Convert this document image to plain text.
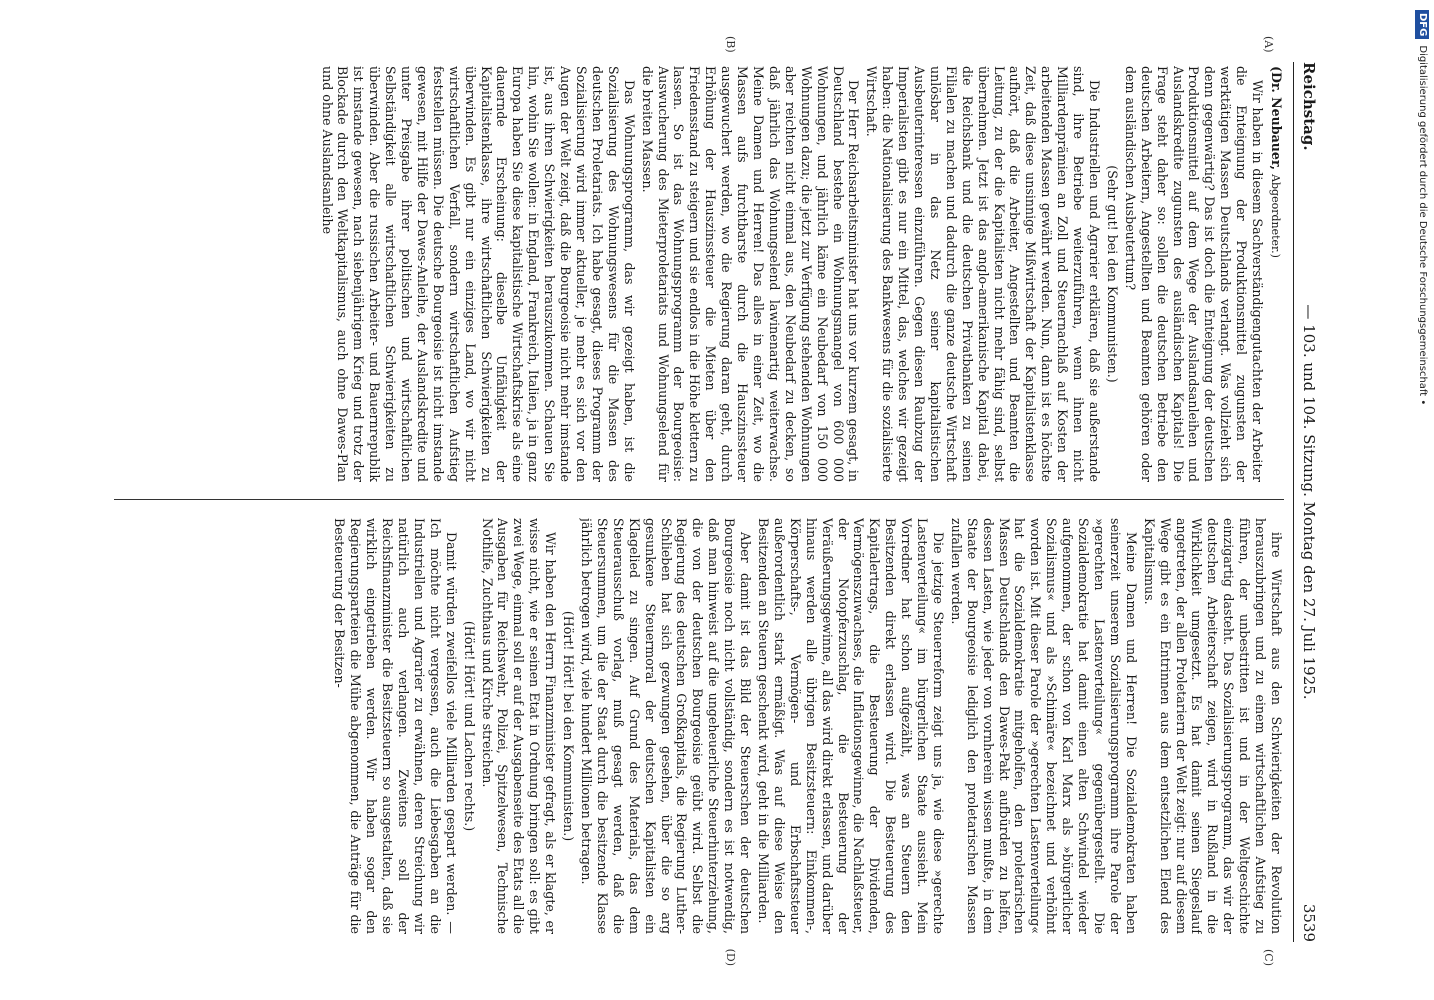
Reichstag.
— 103. und 104. Sitzung. Montag den 27. Juli 1925.
3539
(A)
(B)
(C)
(D)

(Dr. Neubauer, Abgeordneter.)

Wir haben in diesem Sachverständigengutachten der Arbeiter die Enteignung der Produktionsmittel zugunsten der werktätigen Massen Deutschlands verlangt. Was vollzieht sich denn gegenwärtig? Das ist doch die Enteignung der deutschen Produktionsmittel auf dem Wege der Auslandsanleihen und Auslandskredite zugunsten des ausländischen Kapitals! Die Frage steht daher so: sollen die deutschen Betriebe den deutschen Arbeitern, Angestellten und Beamten gehören oder dem ausländischen Ausbeutertum?

(Sehr gut! bei den Kommunisten.)

Die Industriellen und Agrarier erklären, daß sie außerstande sind, ihre Betriebe weiterzuführen, wenn ihnen nicht Milliardenprämien an Zoll und Steuernachlaß auf Kosten der arbeitenden Massen gewährt werden. Nun, dann ist es höchste Zeit, daß diese unsinnige Mißwirtschaft der Kapitalistenklasse aufhört, daß die Arbeiter, Angestellten und Beamten die Leitung, zu der die Kapitalisten nicht mehr fähig sind, selbst übernehmen. Jetzt ist das anglo-amerikanische Kapital dabei, die Reichsbank und die deutschen Privatbanken zu seinen Filialen zu machen und dadurch die ganze deutsche Wirtschaft unlösbar in das Netz seiner kapitalistischen Ausbeuterinteressen einzuführen. Gegen diesen Raubzug der Imperialisten gibt es nur ein Mittel, das, welches wir gezeigt haben: die Nationalisierung des Bankwesens für die sozialisierte Wirtschaft.

Der Herr Reichsarbeitsminister hat uns vor kurzem gesagt, in Deutschland bestehe ein Wohnungsmangel von 600 000 Wohnungen, und jährlich käme ein Neubedarf von 150 000 Wohnungen dazu; die jetzt zur Verfügung stehenden Wohnungen aber reichten nicht einmal aus, den Neubedarf zu decken, so daß jährlich das Wohnungselend lawinenartig weiterwachse. Meine Damen und Herren! Das alles in einer Zeit, wo die Massen aufs furchtbarste durch die Hauszinssteuer ausgewuchert werden, wo die Regierung daran geht, durch Erhöhung der Hauszinssteuer die Mieten über den Friedensstand zu steigern und sie endlos in die Höhe klettern zu lassen. So ist das Wohnungsprogramm der Bourgeoisie: Auswucherung des Mieterproletariats und Wohnungselend für die breiten Massen.

Das Wohnungsprogramm, das wir gezeigt haben, ist die Sozialisierung des Wohnungswesens für die Massen des deutschen Proletariats. Ich habe gesagt, dieses Programm der Sozialisierung wird immer aktueller, je mehr es sich vor den Augen der Welt zeigt, daß die Bourgeoisie nicht mehr imstande ist, aus ihren Schwierigkeiten herauszukommen. Schauen Sie hin, wohin Sie wollen: in England, Frankreich, Italien, ja in ganz Europa haben Sie diese kapitalistische Wirtschaftskrise als eine dauernde Erscheinung: dieselbe Unfähigkeit der Kapitalistenklasse, ihre wirtschaftlichen Schwierigkeiten zu überwinden. Es gibt nur ein einziges Land, wo wir nicht wirtschaftlichen Verfall, sondern wirtschaftlichen Aufstieg feststellen müssen. Die deutsche Bourgeoisie ist nicht imstande gewesen, mit Hilfe der Dawes-Anleihe, der Auslandskredite und unter Preisgabe ihrer politischen und wirtschaftlichen Selbständigkeit alle wirtschaftlichen Schwierigkeiten zu überwinden. Aber die russischen Arbeiter- und Bauernrepublik ist imstande gewesen, nach siebenjährigem Krieg und trotz der Blockade durch den Weltkapitalismus, auch ohne Dawes-Plan und ohne Auslandsanleihe

ihre Wirtschaft aus den Schwierigkeiten der Revolution herauszubringen und zu einem wirtschaftlichen Aufstieg zu führen, der unbestritten ist und in der Weltgeschichte einzigartig dasteht. Das Sozialisierungsprogramm, das wir der deutschen Arbeiterschaft zeigen, wird in Rußland in die Wirklichkeit umgesetzt. Es hat damit seinen Siegeslauf angetreten, der allen Proletariern der Welt zeigt: nur auf diesem Wege gibt es ein Entrinnen aus dem entsetzlichen Elend des Kapitalismus.

Meine Damen und Herren! Die Sozialdemokraten haben seinerzeit unserem Sozialisierungsprogramm ihre Parole der »gerechten Lastenverteilung« gegenübergestellt. Die Sozialdemokratie hat damit einen alten Schwindel wieder aufgenommen, der schon von Karl Marx als »bürgerlicher Sozialismus« und als »Schimäre« bezeichnet und verhöhnt worden ist. Mit dieser Parole der »gerechten Lastenverteilung« hat die Sozialdemokratie mitgeholfen, den proletarischen Massen Deutschlands den Dawes-Pakt aufbürden zu helfen, dessen Lasten, wie jeder von vornherein wissen mußte, in dem Staate der Bourgeoisie lediglich den proletarischen Massen zufallen werden.

Die jetzige Steuerreform zeigt uns ja, wie diese »gerechte Lastenverteilung« im bürgerlichen Staate aussieht. Mein Vorredner hat schon aufgezählt, was an Steuern den Besitzenden direkt erlassen wird. Die Besteuerung des Kapitalertrags, die Besteuerung der Dividenden, Vermögenszuwachses, die Inflationsgewinne, die Nachlaßsteuer, der Notopferzuschlag, die Besteuerung der Veräußerungsgewinne, all das wird direkt erlassen, und darüber hinaus werden alle übrigen Besitzsteuern: Einkommen-, Körperschafts-, Vermögen- und Erbschaftssteuer außerordentlich stark ermäßigt. Was auf diese Weise den Besitzenden an Steuern geschenkt wird, geht in die Milliarden.

Aber damit ist das Bild der Steuerschen der deutschen Bourgeoisie noch nicht vollständig, sondern es ist notwendig, daß man hinweist auf die ungeheuerliche Steuerhinterziehung, die von der deutschen Bourgeoisie geübt wird. Selbst die Regierung des deutschen Großkapitals, die Regierung Luther-Schlieben hat sich gezwungen gesehen, über die so arg gesunkene Steuermoral der deutschen Kapitalisten ein Klagelied zu singen. Auf Grund des Materials, das dem Steuerausschuß vorlag, muß gesagt werden, daß die Steuersummen, um die der Staat durch die besitzende Klasse jährlich betrogen wird, viele hundert Millionen betragen.

(Hört! Hört! bei den Kommunisten.)

Wir haben den Herrn Finanzminister gefragt, als er klagte, er wisse nicht, wie er seinen Etat in Ordnung bringen soll: es gibt zwei Wege, einmal soll er auf der Ausgabenseite des Etats all die Ausgaben für Reichswehr, Polizei, Spitzelwesen, Technische Nothilfe, Zuchthaus und Kirche streichen.

(Hört! Hört! und Lachen rechts.)

Damit würden zweifellos viele Milliarden gespart werden. — Ich möchte nicht vergessen, auch die Liebesgaben an die Industriellen und Agrarier zu erwähnen, deren Streichung wir natürlich auch verlangen. Zweitens soll der Reichsfinanzminister die Besitzsteuern so ausgestalten, daß sie wirklich eingetrieben werden. Wir haben sogar den Regierungsparteien die Mühe abgenommen, die Anträge für die Besteuerung der Besitzen-

DFGDigitalisierung gefördert durch die Deutsche Forschungsgemeinschaft •
